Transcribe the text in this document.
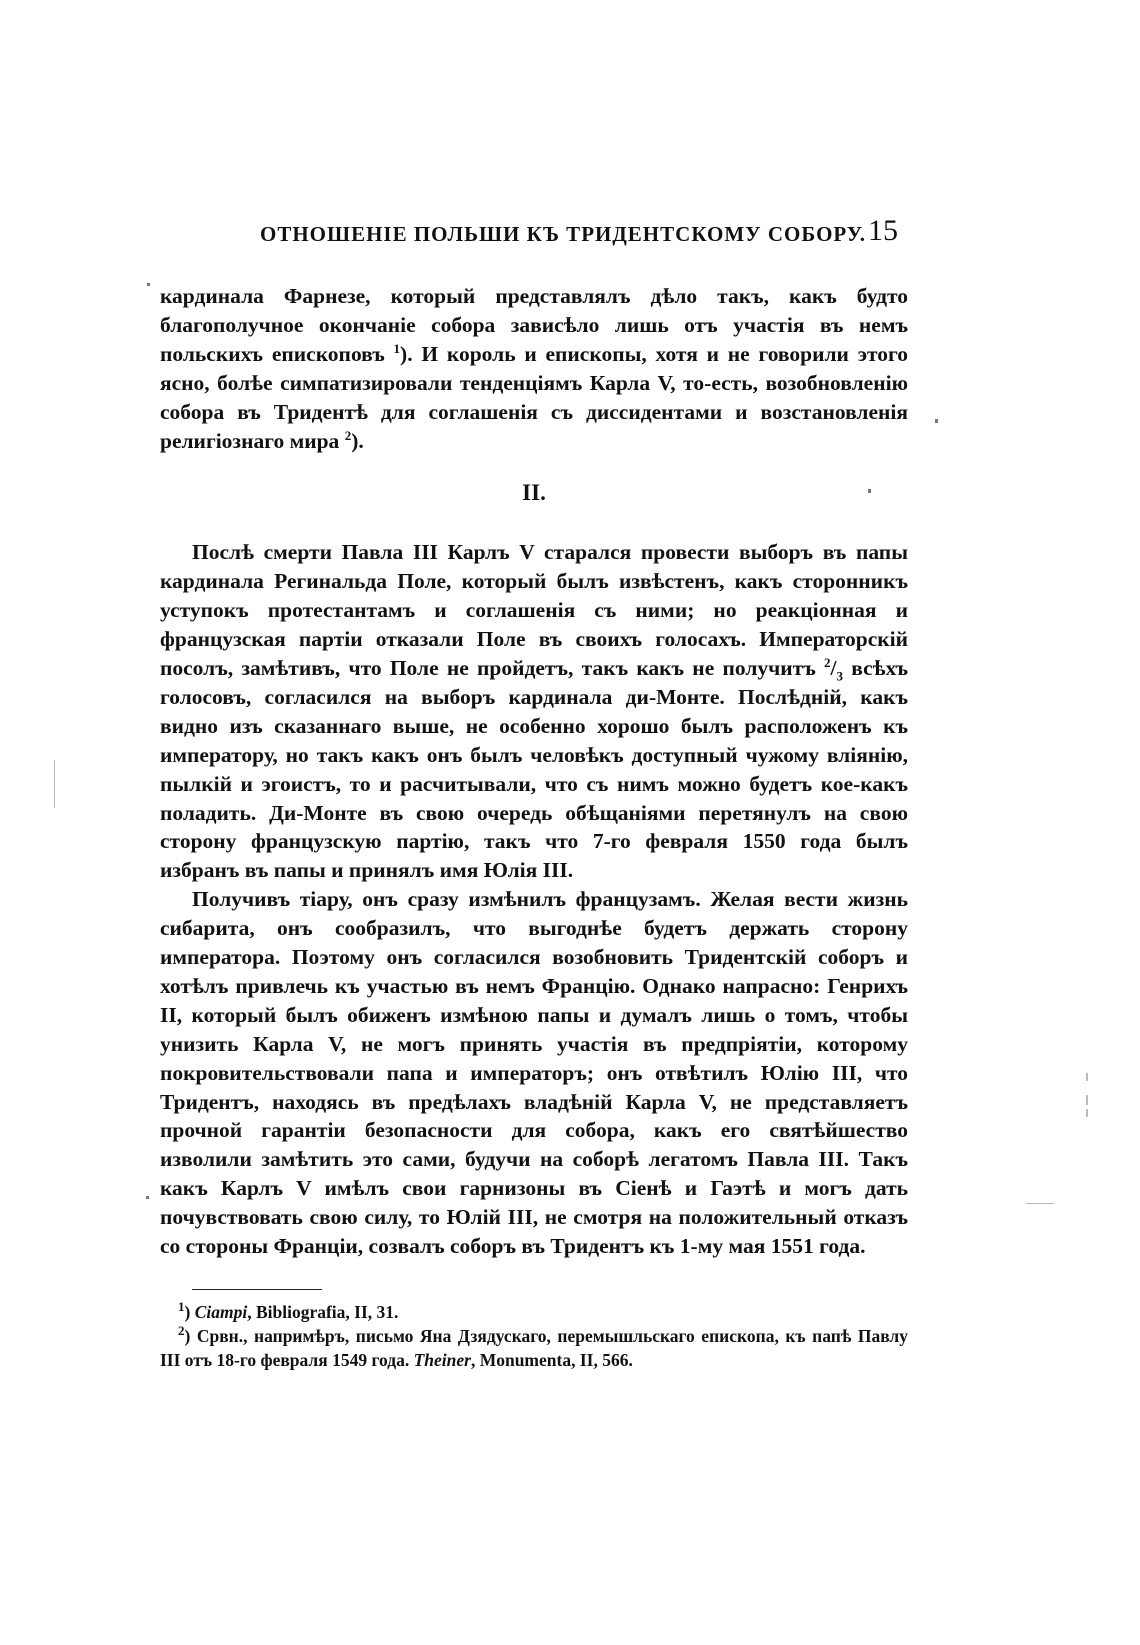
ОТНОШЕНІЕ ПОЛЬШИ КЪ ТРИДЕНТСКОМУ СОБОРУ. 15

кардинала Фарнезе, который представлялъ дѣло такъ, какъ будто благополучное окончаніе собора зависѣло лишь отъ участія въ немъ польскихъ епископовъ $^1$). И король и епископы, хотя и не говорили этого ясно, болѣе симпатизировали тенденціямъ Карла V, то-есть, возобновленію собора въ Тридентѣ для соглашенія съ диссидентами и возстановленія религіознаго мира $^2$).

II.

Послѣ смерти Павла III Карлъ V старался провести выборъ въ папы кардинала Регинальда Поле, который былъ извѣстенъ, какъ сторонникъ уступокъ протестантамъ и соглашенія съ ними; но реакціонная и французская партіи отказали Поле въ своихъ голосахъ. Императорскій посолъ, замѣтивъ, что Поле не пройдетъ, такъ какъ не получитъ $^2/_3$ всѣхъ голосовъ, согласился на выборъ кардинала ди-Монте. Послѣдній, какъ видно изъ сказаннаго выше, не особенно хорошо былъ расположенъ къ императору, но такъ какъ онъ былъ человѣкъ доступный чужому вліянію, пылкій и эгоистъ, то и расчитывали, что съ нимъ можно будетъ кое-какъ поладить. Ди-Монте въ свою очередь обѣщаніями перетянулъ на свою сторону французскую партію, такъ что 7-го февраля 1550 года былъ избранъ въ папы и принялъ имя Юлія III.

Получивъ тіару, онъ сразу измѣнилъ французамъ. Желая вести жизнь сибарита, онъ сообразилъ, что выгоднѣе будетъ держать сторону императора. Поэтому онъ согласился возобновить Тридентскій соборъ и хотѣлъ привлечь къ участью въ немъ Францію. Однако напрасно: Генрихъ II, который былъ обиженъ измѣною папы и думалъ лишь о томъ, чтобы унизить Карла V, не могъ принять участія въ предпріятіи, которому покровительствовали папа и императоръ; онъ отвѣтилъ Юлію III, что Тридентъ, находясь въ предѣлахъ владѣній Карла V, не представляетъ прочной гарантіи безопасности для собора, какъ его святѣйшество изволили замѣтить это сами, будучи на соборѣ легатомъ Павла III. Такъ какъ Карлъ V имѣлъ свои гарнизоны въ Сіенѣ и Гаэтѣ и могъ дать почувствовать свою силу, то Юлій III, не смотря на положительный отказъ со стороны Франціи, созвалъ соборъ въ Тридентъ къ 1-му мая 1551 года.

$^1$) Ciampi, Bibliografia, II, 31.

$^2$) Срвн., напримѣръ, письмо Яна Дзядускаго, перемышльскаго епископа, къ папѣ Павлу III отъ 18-го февраля 1549 года. Theiner, Monumenta, II, 566.
